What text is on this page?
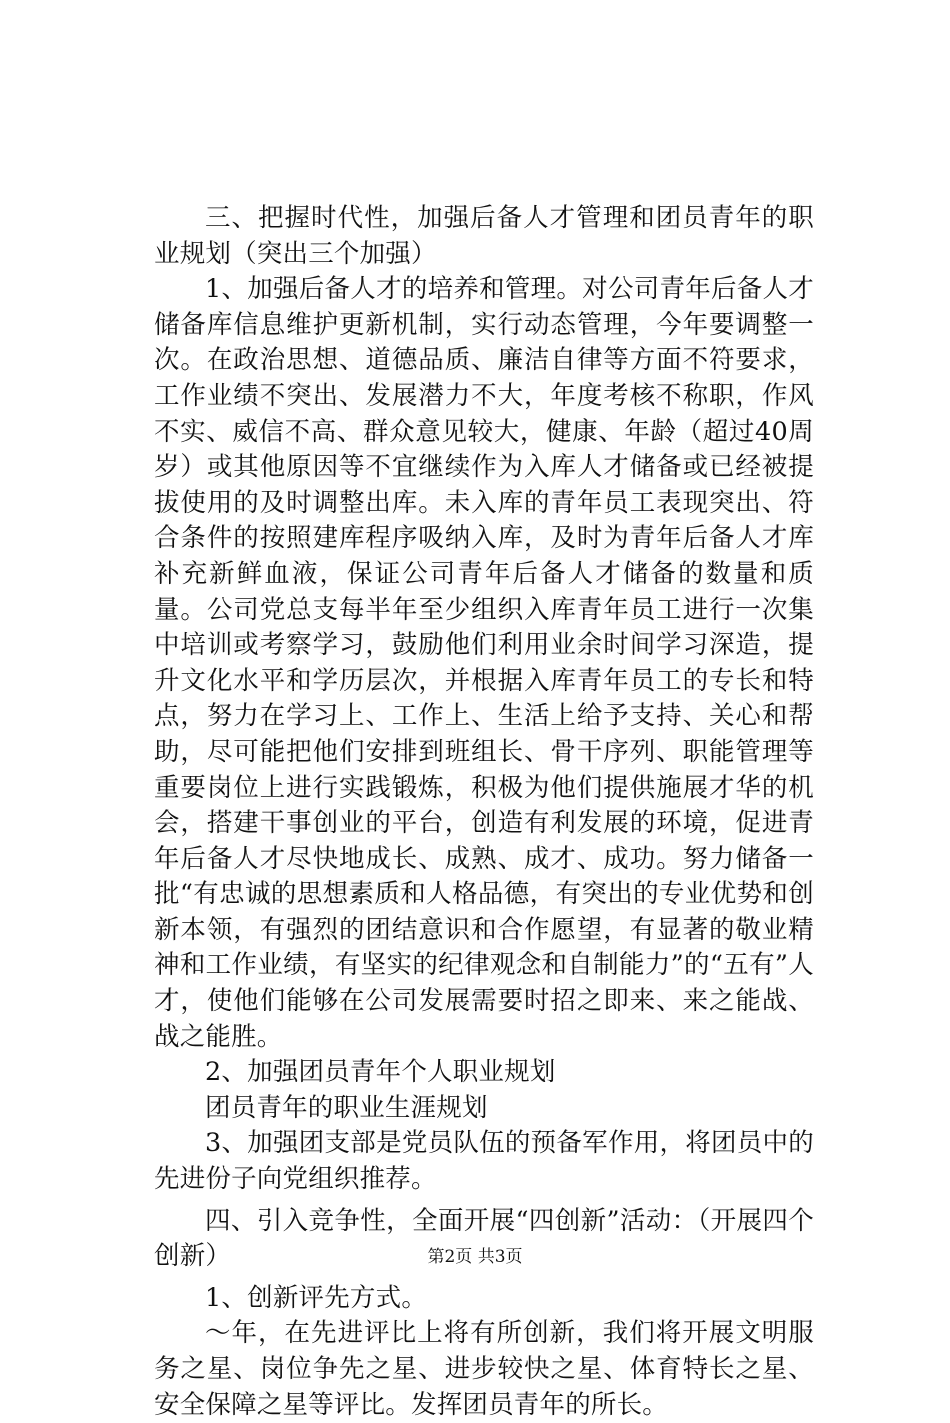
三、把握时代性，加强后备人才管理和团员青年的职业规划（突出三个加强）

1、加强后备人才的培养和管理。对公司青年后备人才储备库信息维护更新机制，实行动态管理，今年要调整一次。在政治思想、道德品质、廉洁自律等方面不符要求，工作业绩不突出、发展潜力不大，年度考核不称职，作风不实、威信不高、群众意见较大，健康、年龄（超过40周岁）或其他原因等不宜继续作为入库人才储备或已经被提拔使用的及时调整出库。未入库的青年员工表现突出、符合条件的按照建库程序吸纳入库，及时为青年后备人才库补充新鲜血液，保证公司青年后备人才储备的数量和质量。公司党总支每半年至少组织入库青年员工进行一次集中培训或考察学习，鼓励他们利用业余时间学习深造，提升文化水平和学历层次，并根据入库青年员工的专长和特点，努力在学习上、工作上、生活上给予支持、关心和帮助，尽可能把他们安排到班组长、骨干序列、职能管理等重要岗位上进行实践锻炼，积极为他们提供施展才华的机会，搭建干事创业的平台，创造有利发展的环境，促进青年后备人才尽快地成长、成熟、成才、成功。努力储备一批“有忠诚的思想素质和人格品德，有突出的专业优势和创新本领，有强烈的团结意识和合作愿望，有显著的敬业精神和工作业绩，有坚实的纪律观念和自制能力”的“五有”人才，使他们能够在公司发展需要时招之即来、来之能战、战之能胜。

2、加强团员青年个人职业规划

团员青年的职业生涯规划

3、加强团支部是党员队伍的预备军作用，将团员中的先进份子向党组织推荐。

四、引入竞争性，全面开展“四创新”活动：（开展四个创新）

1、创新评先方式。

～年，在先进评比上将有所创新，我们将开展文明服务之星、岗位争先之星、进步较快之星、体育特长之星、安全保障之星等评比。发挥团员青年的所长。

第2页 共3页
